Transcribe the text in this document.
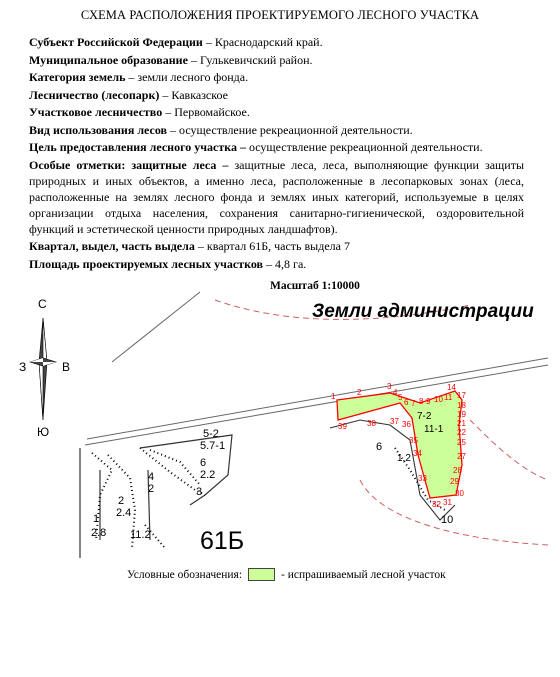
СХЕМА РАСПОЛОЖЕНИЯ ПРОЕКТИРУЕМОГО ЛЕСНОГО УЧАСТКА

Субъект Российской Федерации – Краснодарский край.

Муниципальное образование – Гулькевичский район.

Категория земель – земли лесного фонда.

Лесничество (лесопарк) – Кавказское

Участковое лесничество – Первомайское.

Вид использования лесов – осуществление рекреационной деятельности.

Цель предоставления лесного участка – осуществление рекреационной деятельности.

Особые отметки: защитные леса – защитные леса, леса, выполняющие функции защиты природных и иных объектов, а именно леса, расположенные в лесопарковых зонах (леса, расположенные на землях лесного фонда и землях иных категорий, используемые в целях организации отдыха населения, сохранения санитарно-гигиенической, оздоровительной функций и эстетической ценности природных ландшафтов).

Квартал, выдел, часть выдела – квартал 61Б, часть выдела 7

Площадь проектируемых лесных участков – 4,8 га.

Масштаб 1:10000
С
Ю
З	В
1	2
3
4
5
6 7 8 9 10 11
14
17
18
19
21
22
25
27
28
29
30
31
32
33
34
35
36
37
38
39
7-2
11-1
1.2
5-2
5.7-1
6
2.2
4
2	3
2
2.4
1
2.8 11.2
6
10
Земли администрации
61Б
Условные обозначения:	- испрашиваемый лесной участок
